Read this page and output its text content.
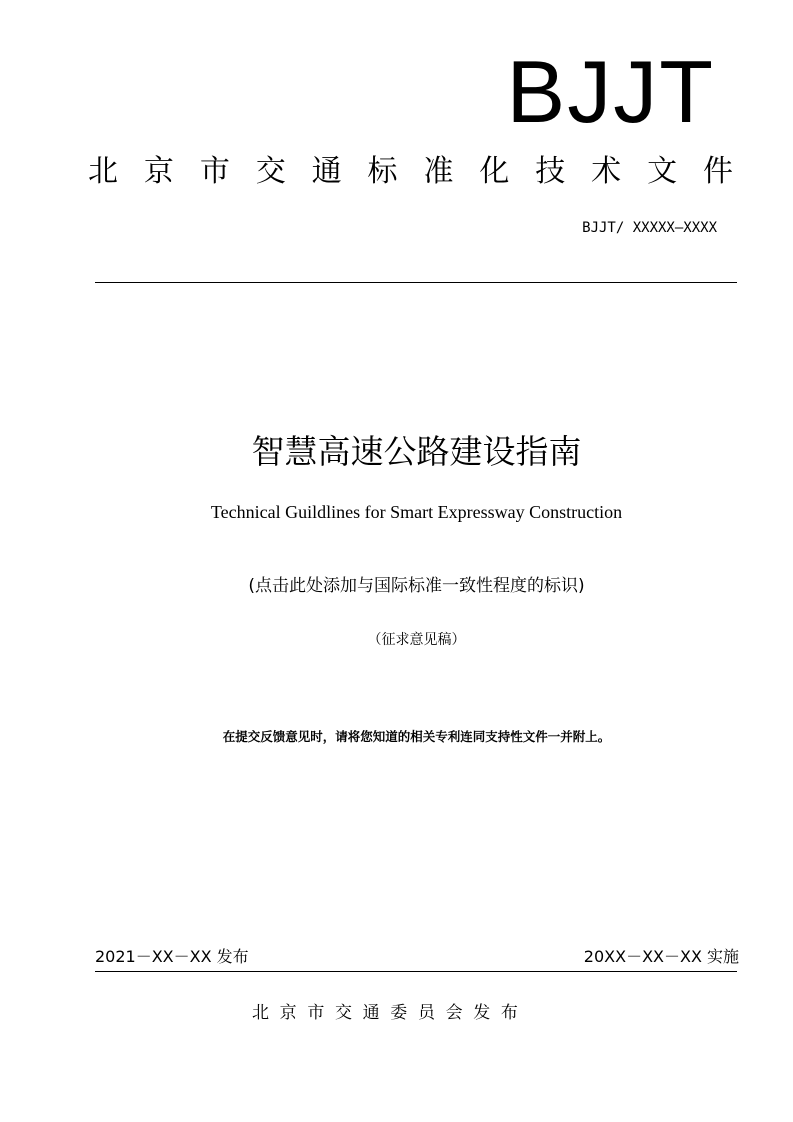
BJJT
北 京 市 交 通 标 准 化 技 术 文 件
BJJT/ XXXXX—XXXX
智慧高速公路建设指南
Technical Guildlines for Smart Expressway Construction
(点击此处添加与国际标准一致性程度的标识)
（征求意见稿）
在提交反馈意见时，请将您知道的相关专利连同支持性文件一并附上。
2021－XX－XX 发布	20XX－XX－XX 实施
北 京 市 交 通 委 员 会 发 布
